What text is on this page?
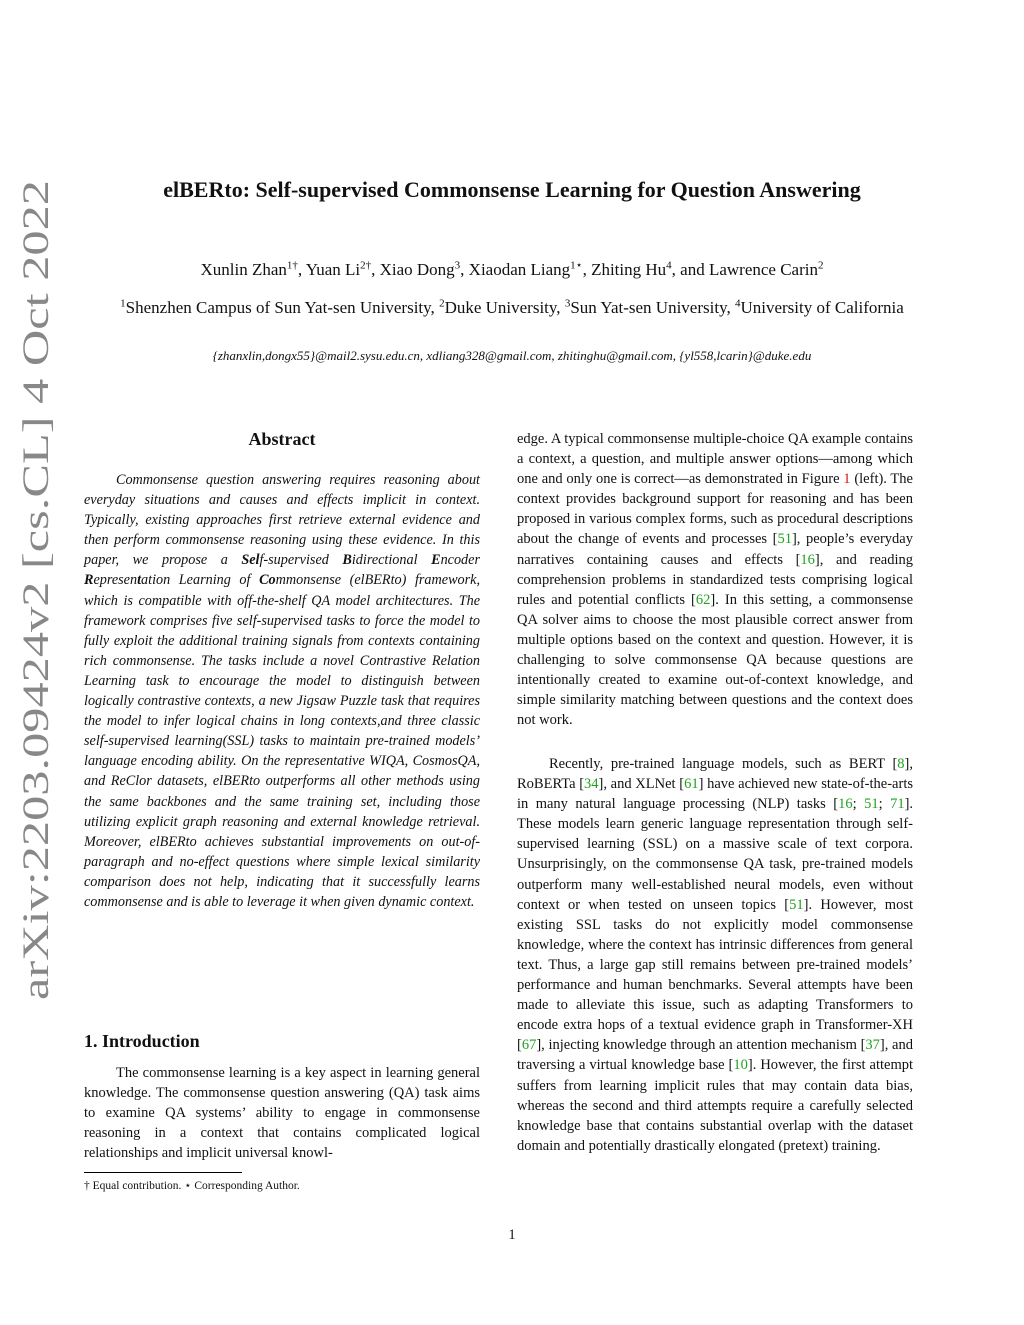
arXiv:2203.09424v2 [cs.CL] 4 Oct 2022
elBERto: Self-supervised Commonsense Learning for Question Answering
Xunlin Zhan$^{1\dagger}$, Yuan $Li^{2\dagger}$, Xiao Dong$^3$, Xiaodan Liang$^{1⋆}$, Zhiting Hu$^4$, and Lawrence Carin$^2$
$^1$Shenzhen Campus of Sun Yat-sen University, $^2$Duke University, $^3$Sun Yat-sen University, $^4$University of California
{zhanxlin,dongx55}@mail2.sysu.edu.cn, xdliang328@gmail.com, zhitinghu@gmail.com, {yl558,lcarin}@duke.edu
Abstract
Commonsense question answering requires reasoning about everyday situations and causes and effects implicit in context. Typically, existing approaches first retrieve external evidence and then perform commonsense reasoning using these evidence. In this paper, we propose a Self-supervised Bidirectional Encoder Representation Learning of Commonsense (elBERto) framework, which is compatible with off-the-shelf QA model architectures. The framework comprises five self-supervised tasks to force the model to fully exploit the additional training signals from contexts containing rich commonsense. The tasks include a novel Contrastive Relation Learning task to encourage the model to distinguish between logically contrastive contexts, a new Jigsaw Puzzle task that requires the model to infer logical chains in long contexts,and three classic self-supervised learning(SSL) tasks to maintain pre-trained models’ language encoding ability. On the representative WIQA, CosmosQA, and ReClor datasets, elBERto outperforms all other methods using the same backbones and the same training set, including those utilizing explicit graph reasoning and external knowledge retrieval. Moreover, elBERto achieves substantial improvements on out-of-paragraph and no-effect questions where simple lexical similarity comparison does not help, indicating that it successfully learns commonsense and is able to leverage it when given dynamic context.
1. Introduction
The commonsense learning is a key aspect in learning general knowledge. The commonsense question answering (QA) task aims to examine QA systems’ ability to engage in commonsense reasoning in a context that contains complicated logical relationships and implicit universal knowl-
† Equal contribution. ⋆ Corresponding Author.
edge. A typical commonsense multiple-choice QA example contains a context, a question, and multiple answer options—among which one and only one is correct—as demonstrated in Figure 1 (left). The context provides background support for reasoning and has been proposed in various complex forms, such as procedural descriptions about the change of events and processes [51], people’s everyday narratives containing causes and effects [16], and reading comprehension problems in standardized tests comprising logical rules and potential conflicts [62]. In this setting, a commonsense QA solver aims to choose the most plausible correct answer from multiple options based on the context and question. However, it is challenging to solve commonsense QA because questions are intentionally created to examine out-of-context knowledge, and simple similarity matching between questions and the context does not work.
Recently, pre-trained language models, such as BERT [8], RoBERTa [34], and XLNet [61] have achieved new state-of-the-arts in many natural language processing (NLP) tasks [16; 51; 71]. These models learn generic language representation through self-supervised learning (SSL) on a massive scale of text corpora. Unsurprisingly, on the commonsense QA task, pre-trained models outperform many well-established neural models, even without context or when tested on unseen topics [51]. However, most existing SSL tasks do not explicitly model commonsense knowledge, where the context has intrinsic differences from general text. Thus, a large gap still remains between pre-trained models’ performance and human benchmarks. Several attempts have been made to alleviate this issue, such as adapting Transformers to encode extra hops of a textual evidence graph in Transformer-XH [67], injecting knowledge through an attention mechanism [37], and traversing a virtual knowledge base [10]. However, the first attempt suffers from learning implicit rules that may contain data bias, whereas the second and third attempts require a carefully selected knowledge base that contains substantial overlap with the dataset domain and potentially drastically elongated (pretext) training.
1
